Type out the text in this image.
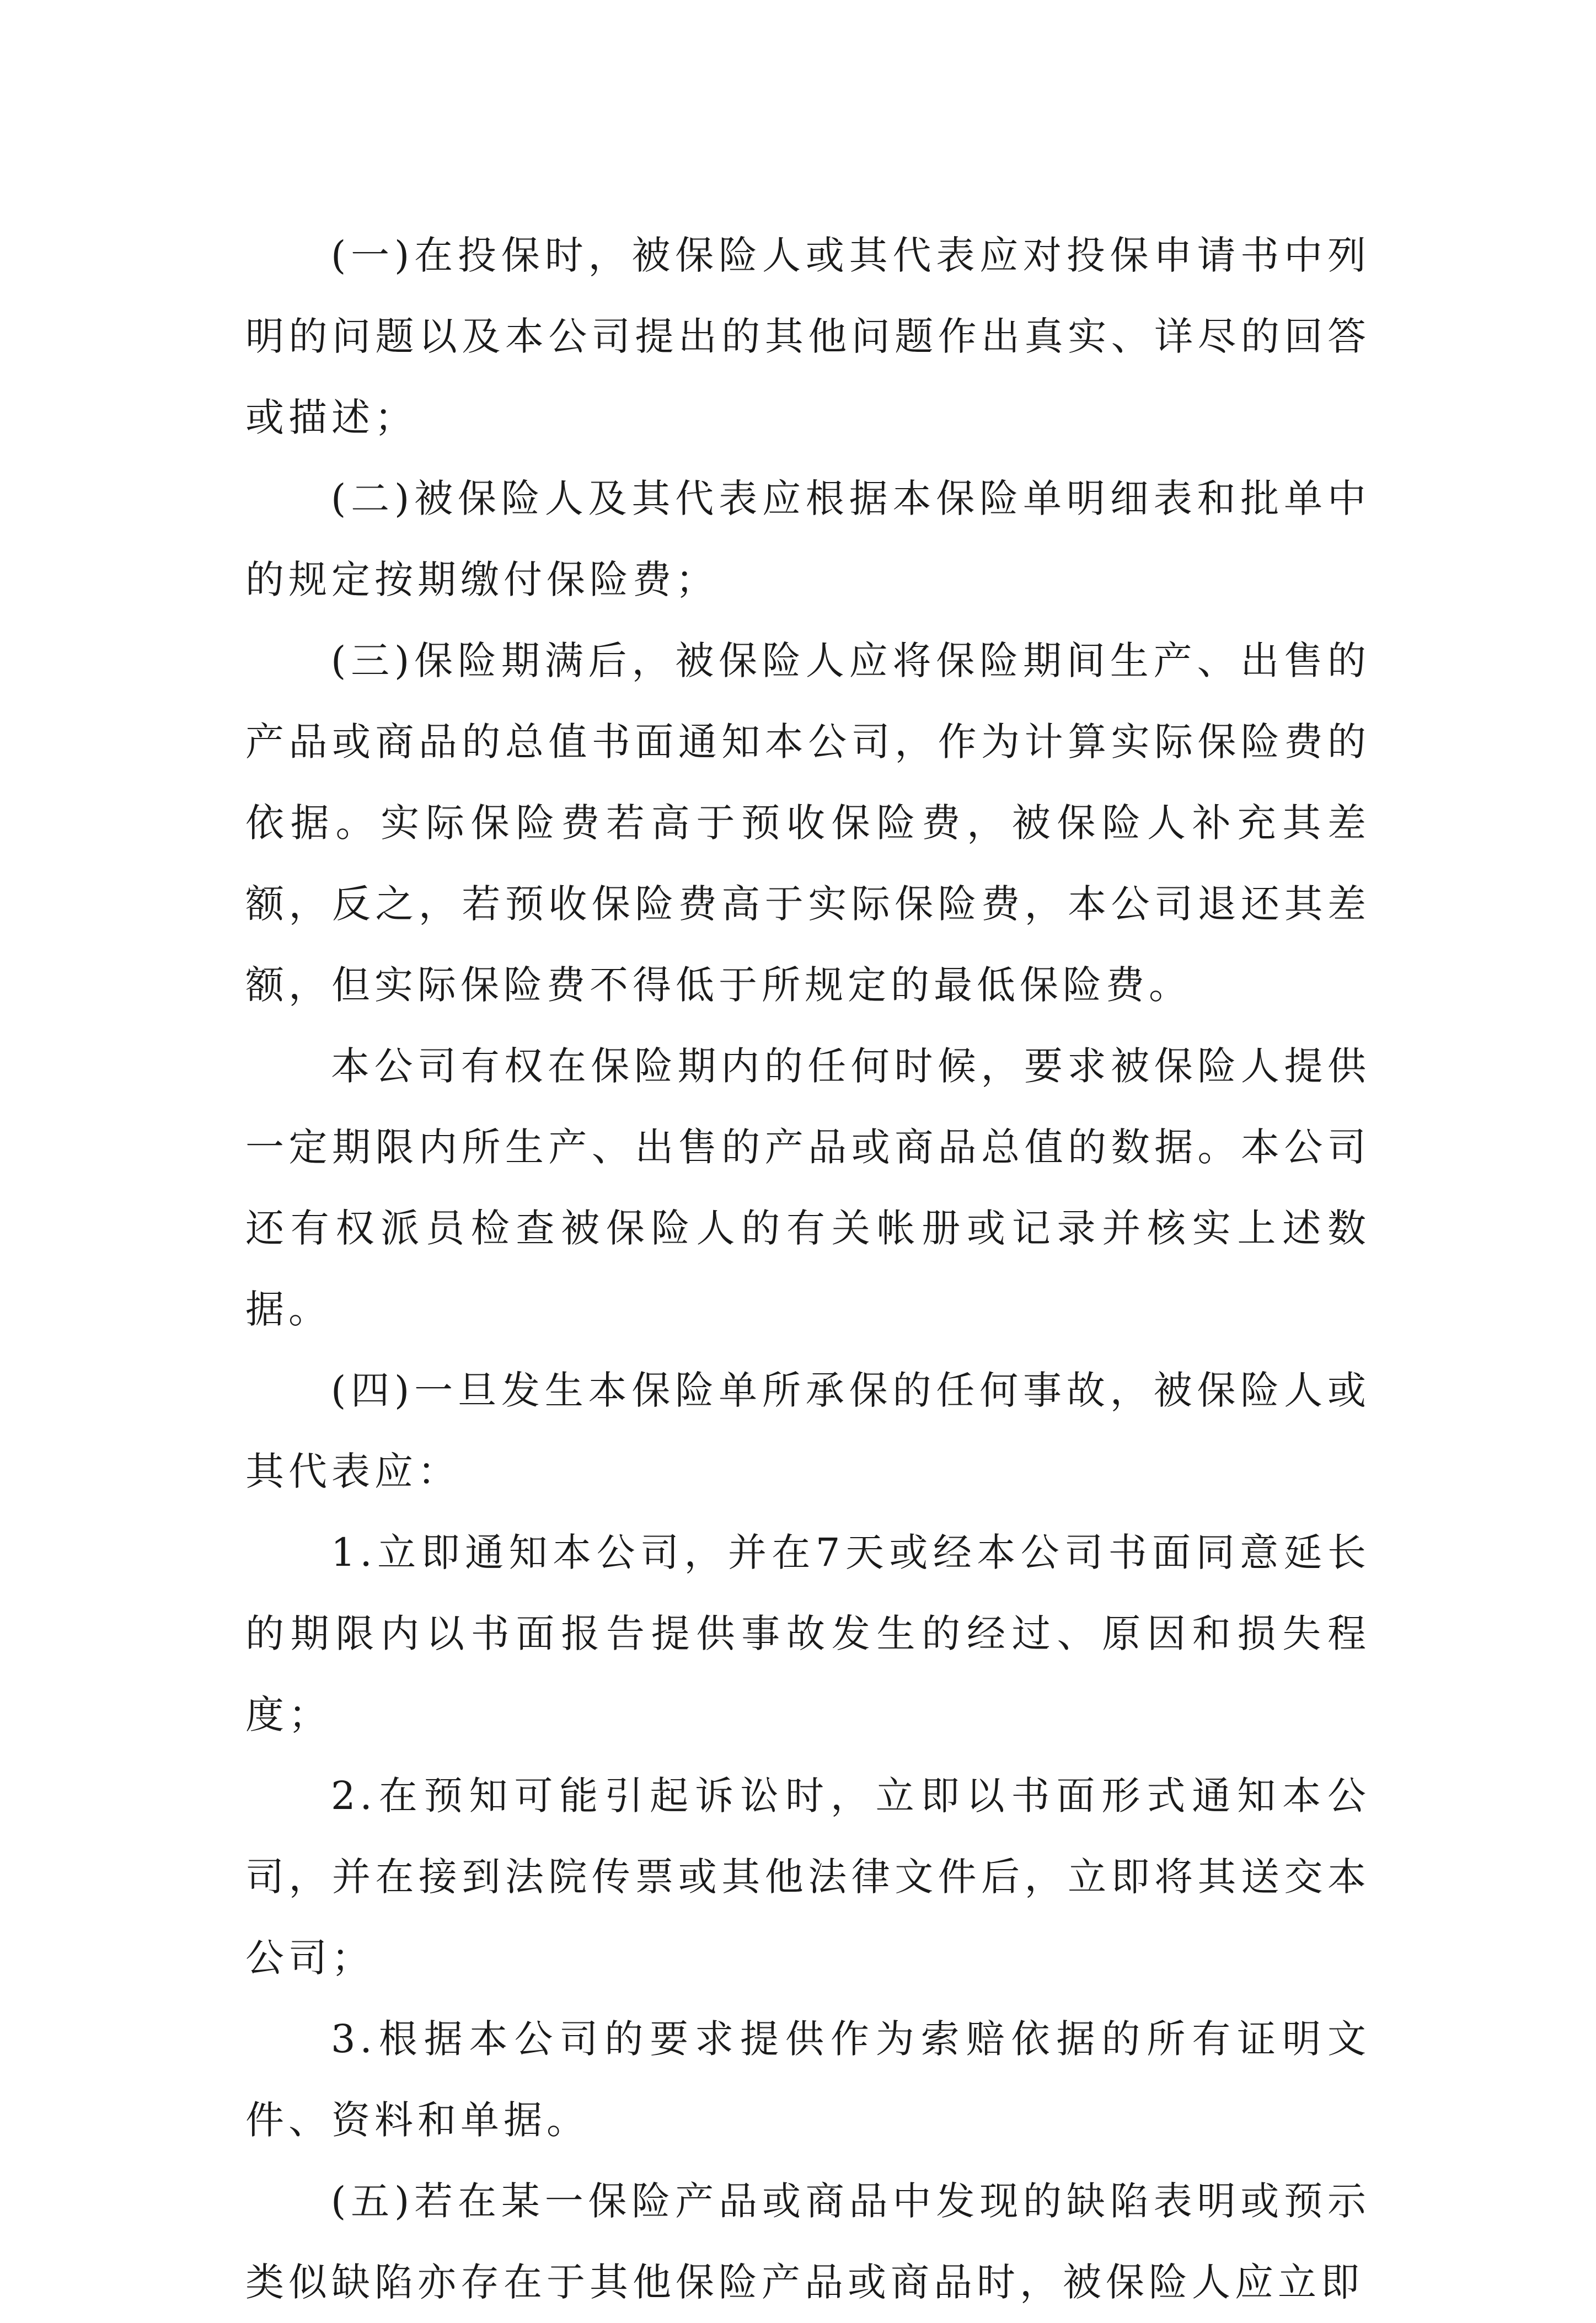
(一)在投保时，被保险人或其代表应对投保申请书中列明的问题以及本公司提出的其他问题作出真实、详尽的回答或描述；

(二)被保险人及其代表应根据本保险单明细表和批单中的规定按期缴付保险费；

(三)保险期满后，被保险人应将保险期间生产、出售的产品或商品的总值书面通知本公司，作为计算实际保险费的依据。实际保险费若高于预收保险费，被保险人补充其差额，反之，若预收保险费高于实际保险费，本公司退还其差额，但实际保险费不得低于所规定的最低保险费。

本公司有权在保险期内的任何时候，要求被保险人提供一定期限内所生产、出售的产品或商品总值的数据。本公司还有权派员检查被保险人的有关帐册或记录并核实上述数据。

(四)一旦发生本保险单所承保的任何事故，被保险人或其代表应：

1.立即通知本公司，并在7天或经本公司书面同意延长的期限内以书面报告提供事故发生的经过、原因和损失程度；

2.在预知可能引起诉讼时，立即以书面形式通知本公司，并在接到法院传票或其他法律文件后，立即将其送交本公司；

3.根据本公司的要求提供作为索赔依据的所有证明文件、资料和单据。

(五)若在某一保险产品或商品中发现的缺陷表明或预示类似缺陷亦存在于其他保险产品或商品时，被保险人应立即
